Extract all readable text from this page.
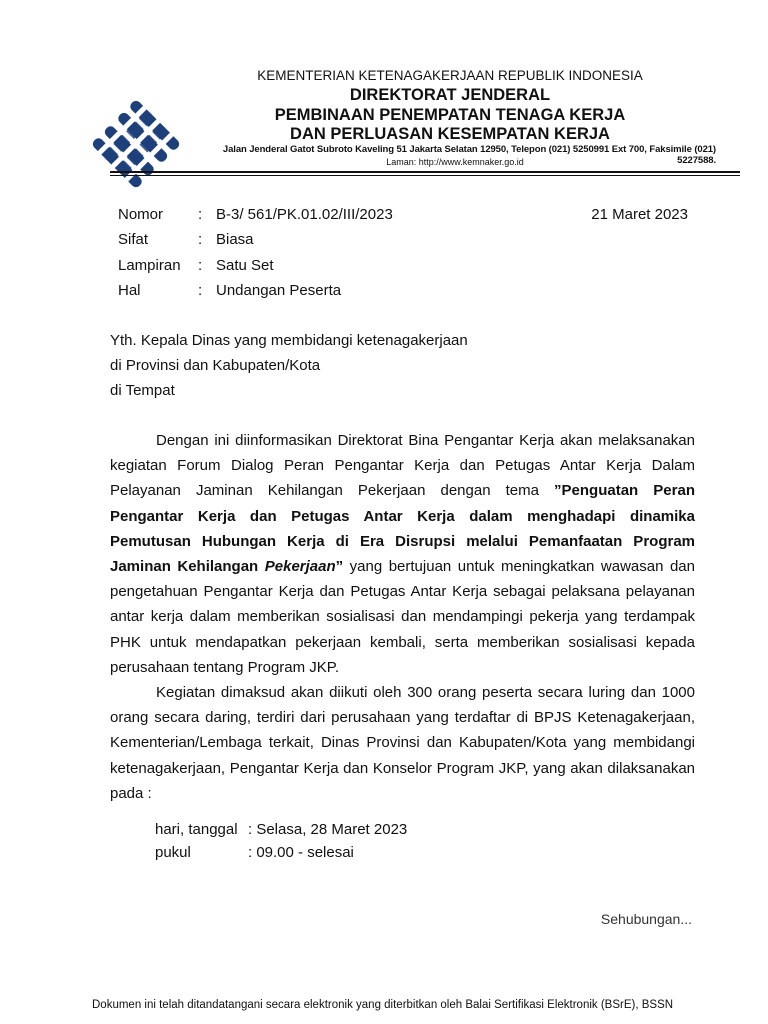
KEMENTERIAN KETENAGAKERJAAN REPUBLIK INDONESIA
DIREKTORAT JENDERAL
PEMBINAAN PENEMPATAN TENAGA KERJA
DAN PERLUASAN KESEMPATAN KERJA
Jalan Jenderal Gatot Subroto Kaveling 51 Jakarta Selatan 12950, Telepon (021) 5250991 Ext 700, Faksimile (021) 5227588.
Laman: http://www.kemnaker.go.id
Nomor	: B-3/ 561/PK.01.02/III/2023	21 Maret 2023
Sifat	: Biasa
Lampiran	: Satu Set
Hal	: Undangan Peserta
Yth. Kepala Dinas yang membidangi ketenagakerjaan
di Provinsi dan Kabupaten/Kota
di Tempat

Dengan ini diinformasikan Direktorat Bina Pengantar Kerja akan melaksanakan kegiatan Forum Dialog Peran Pengantar Kerja dan Petugas Antar Kerja Dalam Pelayanan Jaminan Kehilangan Pekerjaan dengan tema ”Penguatan Peran Pengantar Kerja dan Petugas Antar Kerja dalam menghadapi dinamika Pemutusan Hubungan Kerja di Era Disrupsi melalui Pemanfaatan Program Jaminan Kehilangan Pekerjaan” yang bertujuan untuk meningkatkan wawasan dan pengetahuan Pengantar Kerja dan Petugas Antar Kerja sebagai pelaksana pelayanan antar kerja dalam memberikan sosialisasi dan mendampingi pekerja yang terdampak PHK untuk mendapatkan pekerjaan kembali, serta memberikan sosialisasi kepada perusahaan tentang Program JKP.

Kegiatan dimaksud akan diikuti oleh 300 orang peserta secara luring dan 1000 orang secara daring, terdiri dari perusahaan yang terdaftar di BPJS Ketenagakerjaan, Kementerian/Lembaga terkait, Dinas Provinsi dan Kabupaten/Kota yang membidangi ketenagakerjaan, Pengantar Kerja dan Konselor Program JKP, yang akan dilaksanakan pada :

hari, tanggal : Selasa, 28 Maret 2023
pukul	: 09.00 - selesai
Sehubungan...
Dokumen ini telah ditandatangani secara elektronik yang diterbitkan oleh Balai Sertifikasi Elektronik (BSrE), BSSN
